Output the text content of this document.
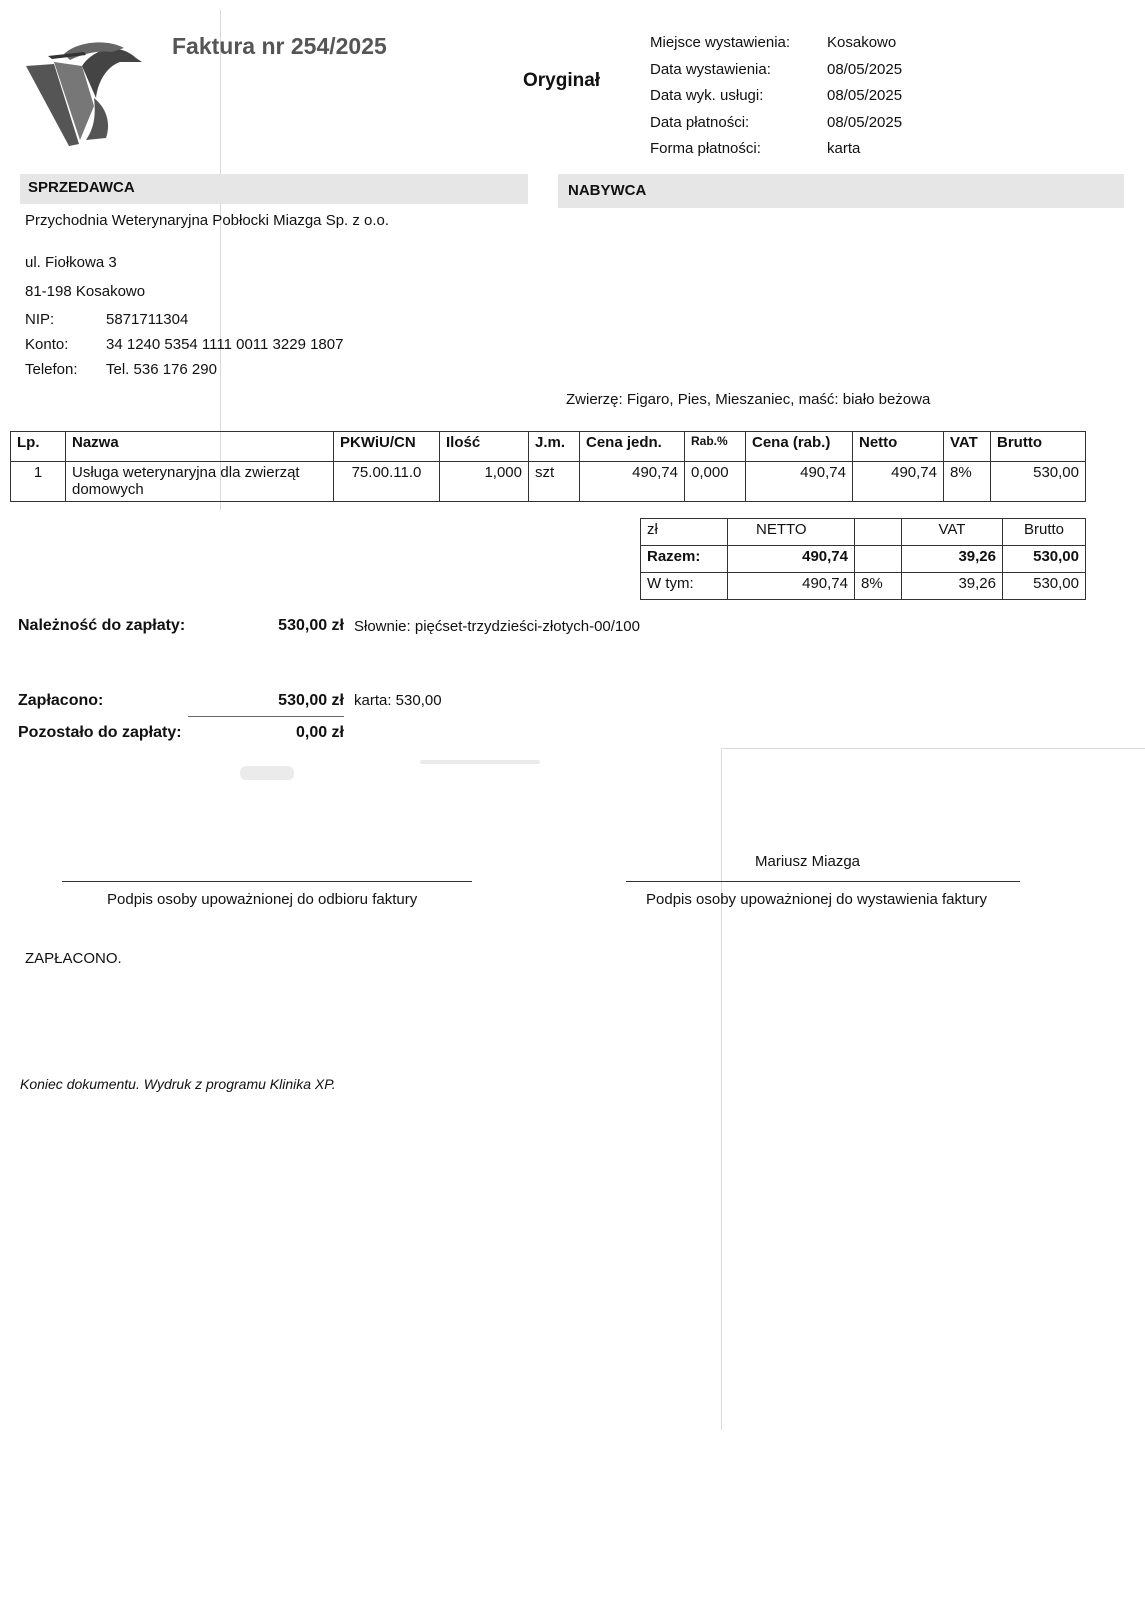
Faktura nr 254/2025
Oryginał
Miejsce wystawienia:	Kosakowo
Data wystawienia:	08/05/2025
Data wyk. usługi:	08/05/2025
Data płatności:	08/05/2025
Forma płatności:	karta
SPRZEDAWCA	NABYWCA
Przychodnia Weterynaryjna Pobłocki Miazga Sp. z o.o.
ul. Fiołkowa 3
81-198 Kosakowo
NIP:	5871711304
Konto:	34 1240 5354 1111 0011 3229 1807
Telefon:	Tel. 536 176 290
Zwierzę: Figaro, Pies, Mieszaniec, maść: biało beżowa
Lp.	Nazwa	PKWiU/CN	Ilość	J.m.	Cena jedn.	Rab.%	Cena (rab.)	Netto	VAT	Brutto
1	Usługa weterynaryjna dla zwierząt domowych	75.00.11.0	1,000	szt	490,74	0,000	490,74	490,74	8%	530,00
zł	NETTO		VAT	Brutto
Razem:	490,74		39,26	530,00
W tym:	490,74	8%	39,26	530,00
Należność do zapłaty:	530,00 zł Słownie: pięćset-trzydzieści-złotych-00/100
Zapłacono:	530,00 zł karta: 530,00
Pozostało do zapłaty:	0,00 zł
Mariusz Miazga
Podpis osoby upoważnionej do odbioru faktury	Podpis osoby upoważnionej do wystawienia faktury
ZAPŁACONO.
Koniec dokumentu. Wydruk z programu Klinika XP.
